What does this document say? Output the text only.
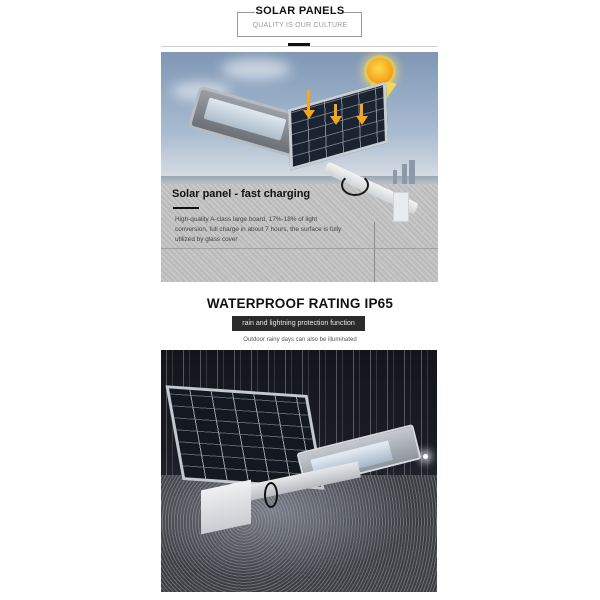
SOLAR PANELS
QUALITY IS OUR CULTURE
Solar panel - fast charging
High-quality A-class large board, 17%-18% of light conversion, full charge in about 7 hours, the surface is fully utilized by glass cover
WATERPROOF RATING IP65
rain and lightning protection function
Outdoor rainy days can also be illuminated
